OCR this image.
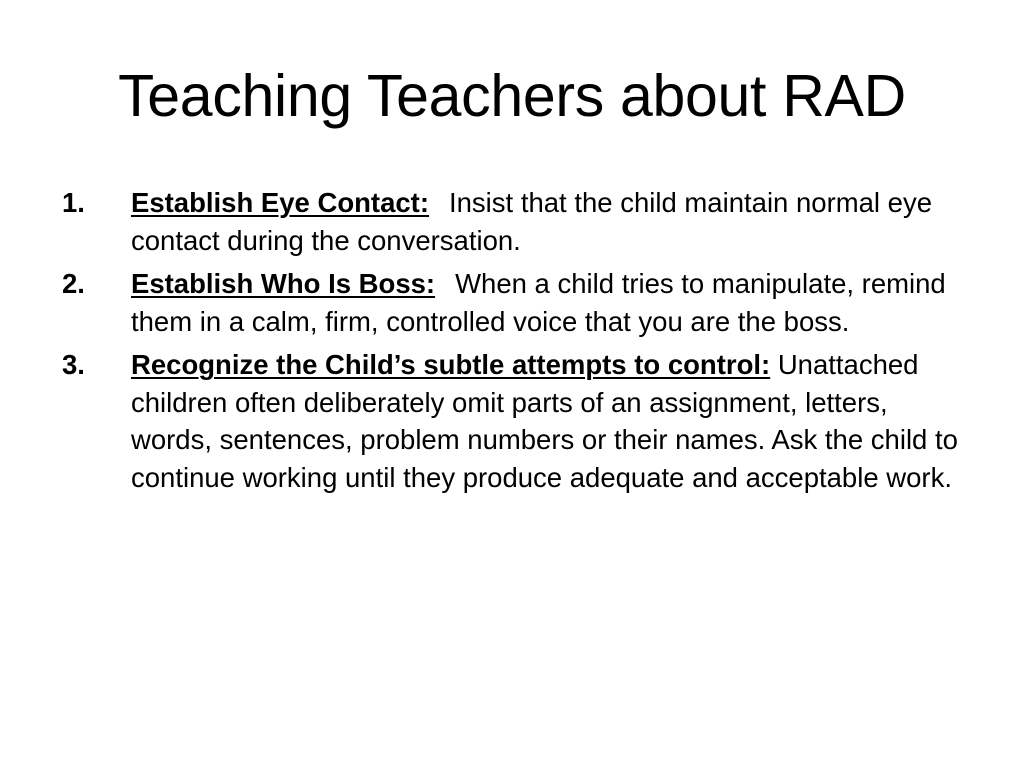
Teaching Teachers about RAD
1. Establish Eye Contact: Insist that the child maintain normal eye contact during the conversation.
2. Establish Who Is Boss: When a child tries to manipulate, remind them in a calm, firm, controlled voice that you are the boss.
3. Recognize the Child’s subtle attempts to control: Unattached children often deliberately omit parts of an assignment, letters, words, sentences, problem numbers or their names. Ask the child to continue working until they produce adequate and acceptable work.
